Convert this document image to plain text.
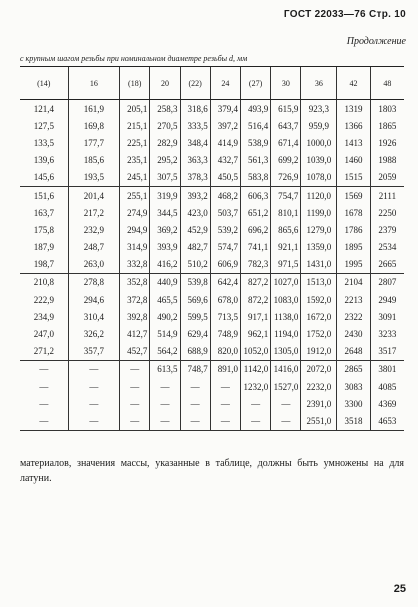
ГОСТ 22033—76 Стр. 10
Продолжение
с крупным шагом резьбы при номинальном диаметре резьбы d, мм
(14)	16	(18)	20	(22)	24	(27)	30	36	42	48
121,4	161,9	205,1	258,3	318,6	379,4	493,9	615,9	923,3	1319	1803
127,5	169,8	215,1	270,5	333,5	397,2	516,4	643,7	959,9	1366	1865
133,5	177,7	225,1	282,9	348,4	414,9	538,9	671,4	1000,0	1413	1926
139,6	185,6	235,1	295,2	363,3	432,7	561,3	699,2	1039,0	1460	1988
145,6	193,5	245,1	307,5	378,3	450,5	583,8	726,9	1078,0	1515	2059
151,6	201,4	255,1	319,9	393,2	468,2	606,3	754,7	1120,0	1569	2111
163,7	217,2	274,9	344,5	423,0	503,7	651,2	810,1	1199,0	1678	2250
175,8	232,9	294,9	369,2	452,9	539,2	696,2	865,6	1279,0	1786	2379
187,9	248,7	314,9	393,9	482,7	574,7	741,1	921,1	1359,0	1895	2534
198,7	263,0	332,8	416,2	510,2	606,9	782,3	971,5	1431,0	1995	2665
210,8	278,8	352,8	440,9	539,8	642,4	827,2	1027,0	1513,0	2104	2807
222,9	294,6	372,8	465,5	569,6	678,0	872,2	1083,0	1592,0	2213	2949
234,9	310,4	392,8	490,2	599,5	713,5	917,1	1138,0	1672,0	2322	3091
247,0	326,2	412,7	514,9	629,4	748,9	962,1	1194,0	1752,0	2430	3233
271,2	357,7	452,7	564,2	688,9	820,0	1052,0	1305,0	1912,0	2648	3517
—	—	—	613,5	748,7	891,0	1142,0	1416,0	2072,0	2865	3801
—	—	—	—	—	—	1232,0	1527,0	2232,0	3083	4085
—	—	—	—	—	—	—	—	2391,0	3300	4369
—	—	—	—	—	—	—	—	2551,0	3518	4653
материалов, значения массы, указанные в таблице, должны быть умножены на для латуни.
25
